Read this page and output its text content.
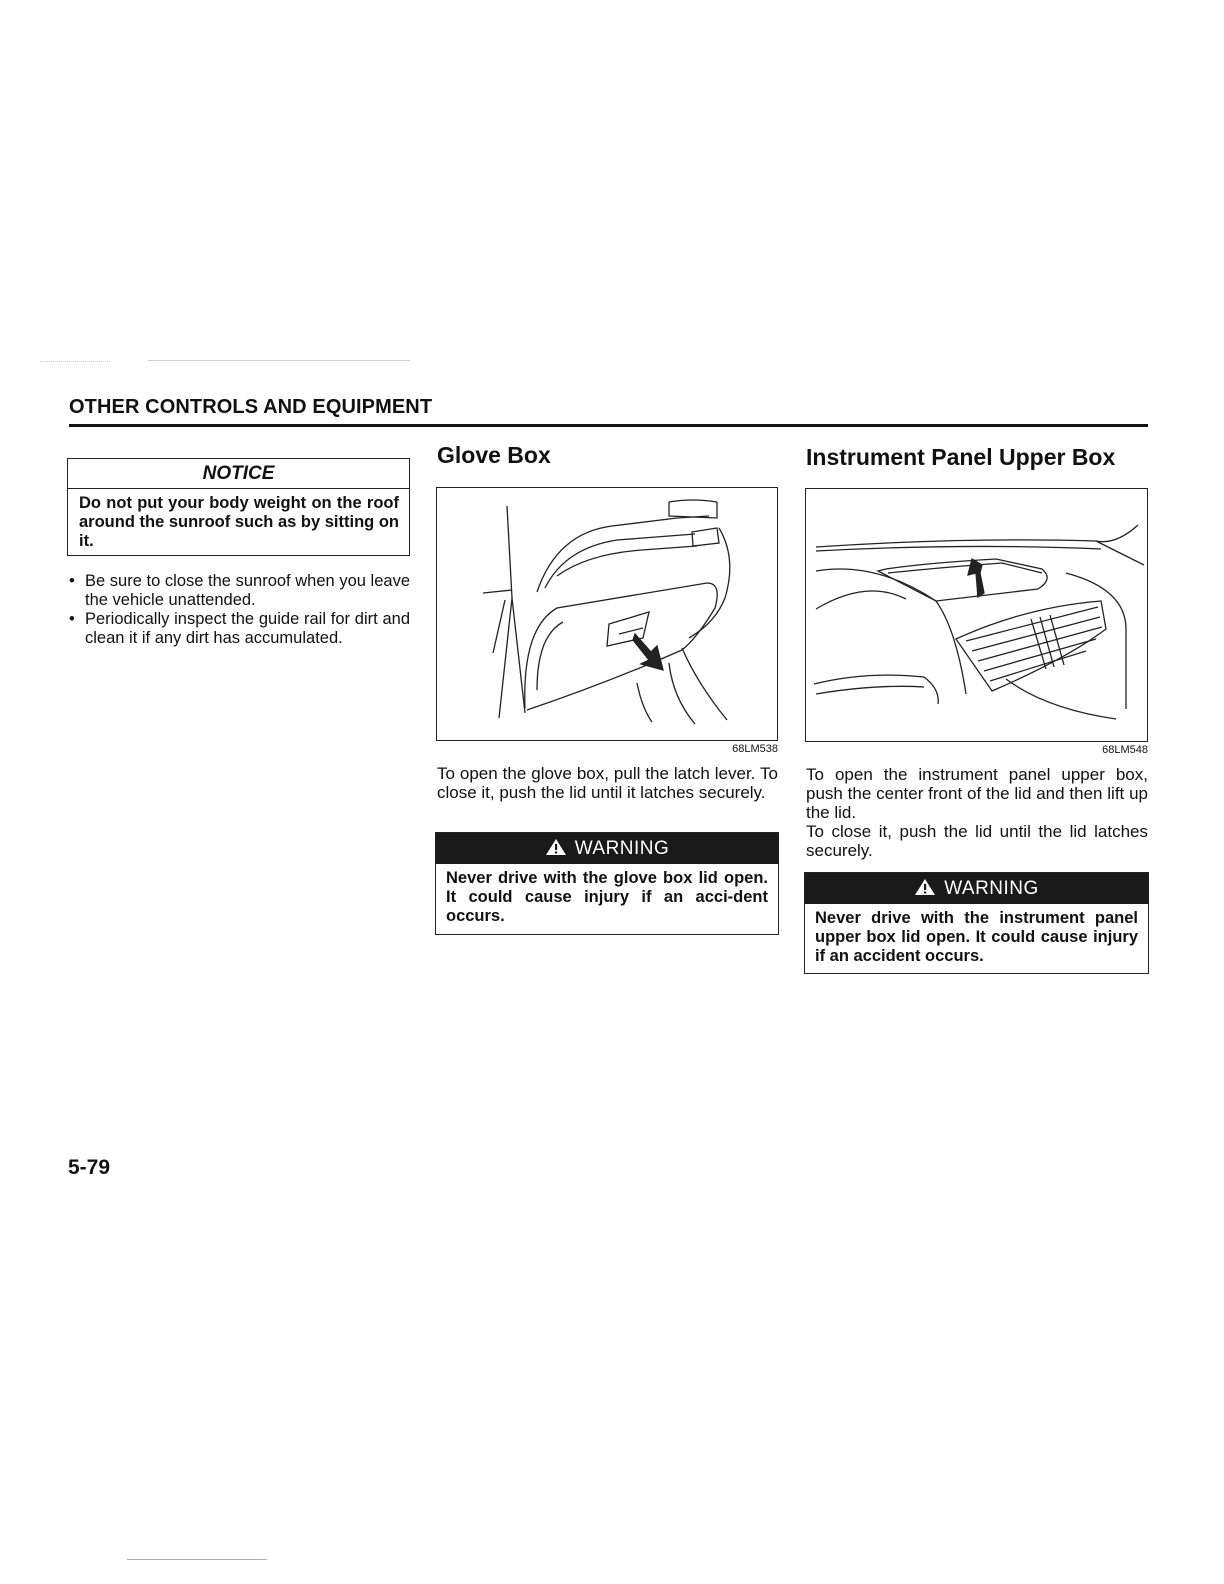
OTHER CONTROLS AND EQUIPMENT
NOTICE
Do not put your body weight on the roof around the sunroof such as by sitting on it.
• Be sure to close the sunroof when you leave the vehicle unattended.
• Periodically inspect the guide rail for dirt and clean it if any dirt has accumulated.
Glove Box
68LM538
To open the glove box, pull the latch lever. To close it, push the lid until it latches securely.
WARNING
Never drive with the glove box lid open. It could cause injury if an acci-dent occurs.
Instrument Panel Upper Box
68LM548

To open the instrument panel upper box, push the center front of the lid and then lift up the lid.

To close it, push the lid until the lid latches securely.

WARNING
Never drive with the instrument panel upper box lid open. It could cause injury if an accident occurs.
5-79
